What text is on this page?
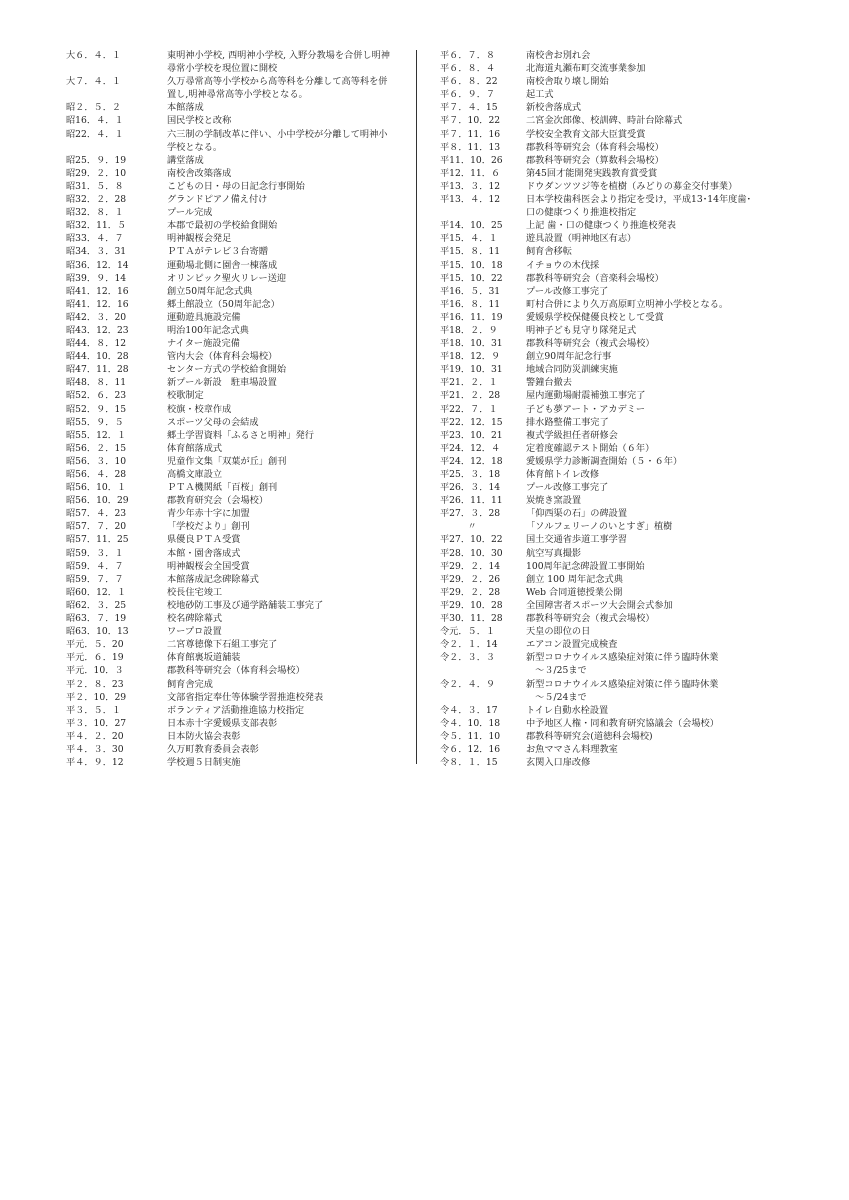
大６．４．１	東明神小学校, 西明神小学校, 入野分教場を合併し明神
尋常小学校を現位置に開校
大７．４．１	久万尋常高等小学校から高等科を分離して高等科を併
置し,明神尋常高等小学校となる。
昭２．５．２	本館落成
昭16．４．１	国民学校と改称
昭22．４．１	六三制の学制改革に伴い、小中学校が分離して明神小
学校となる。
昭25．９．19	講堂落成
昭29．２．10	南校舎改築落成
昭31．５．８	こどもの日・母の日記念行事開始
昭32．２．28	グランドピアノ備え付け
昭32．８．１	プール完成
昭32．11．５	本郡で最初の学校給食開始
昭33．４．７	明神観桜会発足
昭34．３．31	ＰＴＡがテレビ３台寄贈
昭36．12．14	運動場北側に園舎一棟落成
昭39．９．14	オリンピック聖火リレー送迎
昭41．12．16	創立50周年記念式典
昭41．12．16	郷土館設立（50周年記念）
昭42．３．20	運動遊具施設完備
昭43．12．23	明治100年記念式典
昭44．８．12	ナイター施設完備
昭44．10．28	管内大会（体育科会場校）
昭47．11．28	センター方式の学校給食開始
昭48．８．11	新プール新設　駐車場設置
昭52．６．23	校歌制定
昭52．９．15	校旗・校章作成
昭55．９．５	スポーツ父母の会結成
昭55．12．１	郷土学習資料「ふるさと明神」発行
昭56．２．15	体育館落成式
昭56．３．10	児童作文集「双葉が丘」創刊
昭56．４．28	高橋文庫設立
昭56．10．１	ＰＴＡ機関紙「百桜」創刊
昭56．10．29	郡教育研究会（会場校）
昭57．４．23	青少年赤十字に加盟
昭57．７．20	「学校だより」創刊
昭57．11．25	県優良ＰＴＡ受賞
昭59．３．１	本館・園舎落成式
昭59．４．７	明神観桜会全国受賞
昭59．７．７	本館落成記念碑除幕式
昭60．12．１	校長住宅竣工
昭62．３．25	校地砂防工事及び通学路舗装工事完了
昭63．７．19	校名碑除幕式
昭63．10．13	ワープロ設置
平元．５．20	二宮尊徳像下石組工事完了
平元．６．19	体育館裏坂道舗装
平元．10．３	郡教科等研究会（体育科会場校）
平２．８．23	飼育舎完成
平２．10．29	文部省指定奉仕等体験学習推進校発表
平３．５．１	ボランティア活動推進協力校指定
平３．10．27	日本赤十字愛媛県支部表彰
平４．２．20	日本防火協会表彰
平４．３．30	久万町教育委員会表彰
平４．９．12	学校週５日制実施
平６．７．８	南校舎お別れ会
平６．８．４	北海道丸瀬布町交流事業参加
平６．８．22	南校舎取り壊し開始
平６．９．７	起工式
平７．４．15	新校舎落成式
平７．10．22	二宮金次郎像、校訓碑、時計台除幕式
平７．11．16	学校安全教育文部大臣賞受賞
平８．11．13	郡教科等研究会（体育科会場校）
平11．10．26	郡教科等研究会（算数科会場校）
平12．11．６	第45回才能開発実践教育賞受賞
平13．３．12	ドウダンツツジ等を植樹（みどりの募金交付事業）
平13．４．12	日本学校歯科医会より指定を受け，平成13･14年度歯･
口の健康つくり推進校指定
平14．10．25	上記 歯・口の健康つくり推進校発表
平15．４．１	遊具設置（明神地区有志）
平15．８．11	飼育舎移転
平15．10．18	イチョウの木伐採
平15．10．22	郡教科等研究会（音楽科会場校）
平16．５．31	プール改修工事完了
平16．８．11	町村合併により久万高原町立明神小学校となる。
平16．11．19	愛媛県学校保健優良校として受賞
平18．２．９	明神子ども見守り隊発足式
平18．10．31	郡教科等研究会（複式会場校）
平18．12．９	創立90周年記念行事
平19．10．31	地域合同防災訓練実施
平21．２．１	警鐘台撤去
平21．２．28	屋内運動場耐震補強工事完了
平22．７．１	子ども夢アート・アカデミー
平22．12．15	排水路整備工事完了
平23．10．21	複式学級担任者研修会
平24．12．４	定着度確認テスト開始（６年）
平24．12．18	愛媛県学力診断調査開始（５・６年）
平25．３．18	体育館トイレ改修
平26．３．14	プール改修工事完了
平26．11．11	炭焼き窯設置
平27．３．28	「仰西渠の石」の碑設置
　　　〃	「ソルフェリーノのいとすぎ」植樹
平27．10．22	国土交通省歩道工事学習
平28．10．30	航空写真撮影
平29．２．14	100周年記念碑設置工事開始
平29．２．26	創立 100 周年記念式典
平29．２．28	Web 合同道徳授業公開
平29．10．28	全国障害者スポーツ大会開会式参加
平30．11．28	郡教科等研究会（複式会場校）
令元．５．１	天皇の即位の日
令２．１．14	エアコン設置完成検査
令２．３．３	新型コロナウイルス感染症対策に伴う臨時休業
　～３/25まで
令２．４．９	新型コロナウイルス感染症対策に伴う臨時休業
　～５/24まで
令４．３．17	トイレ自動水栓設置
令４．10．18	中予地区人権・同和教育研究協議会（会場校）
令５．11．10	郡教科等研究会(道徳科会場校)
令６．12．16	お魚ママさん料理教室
令８．１．15	玄関入口扉改修
